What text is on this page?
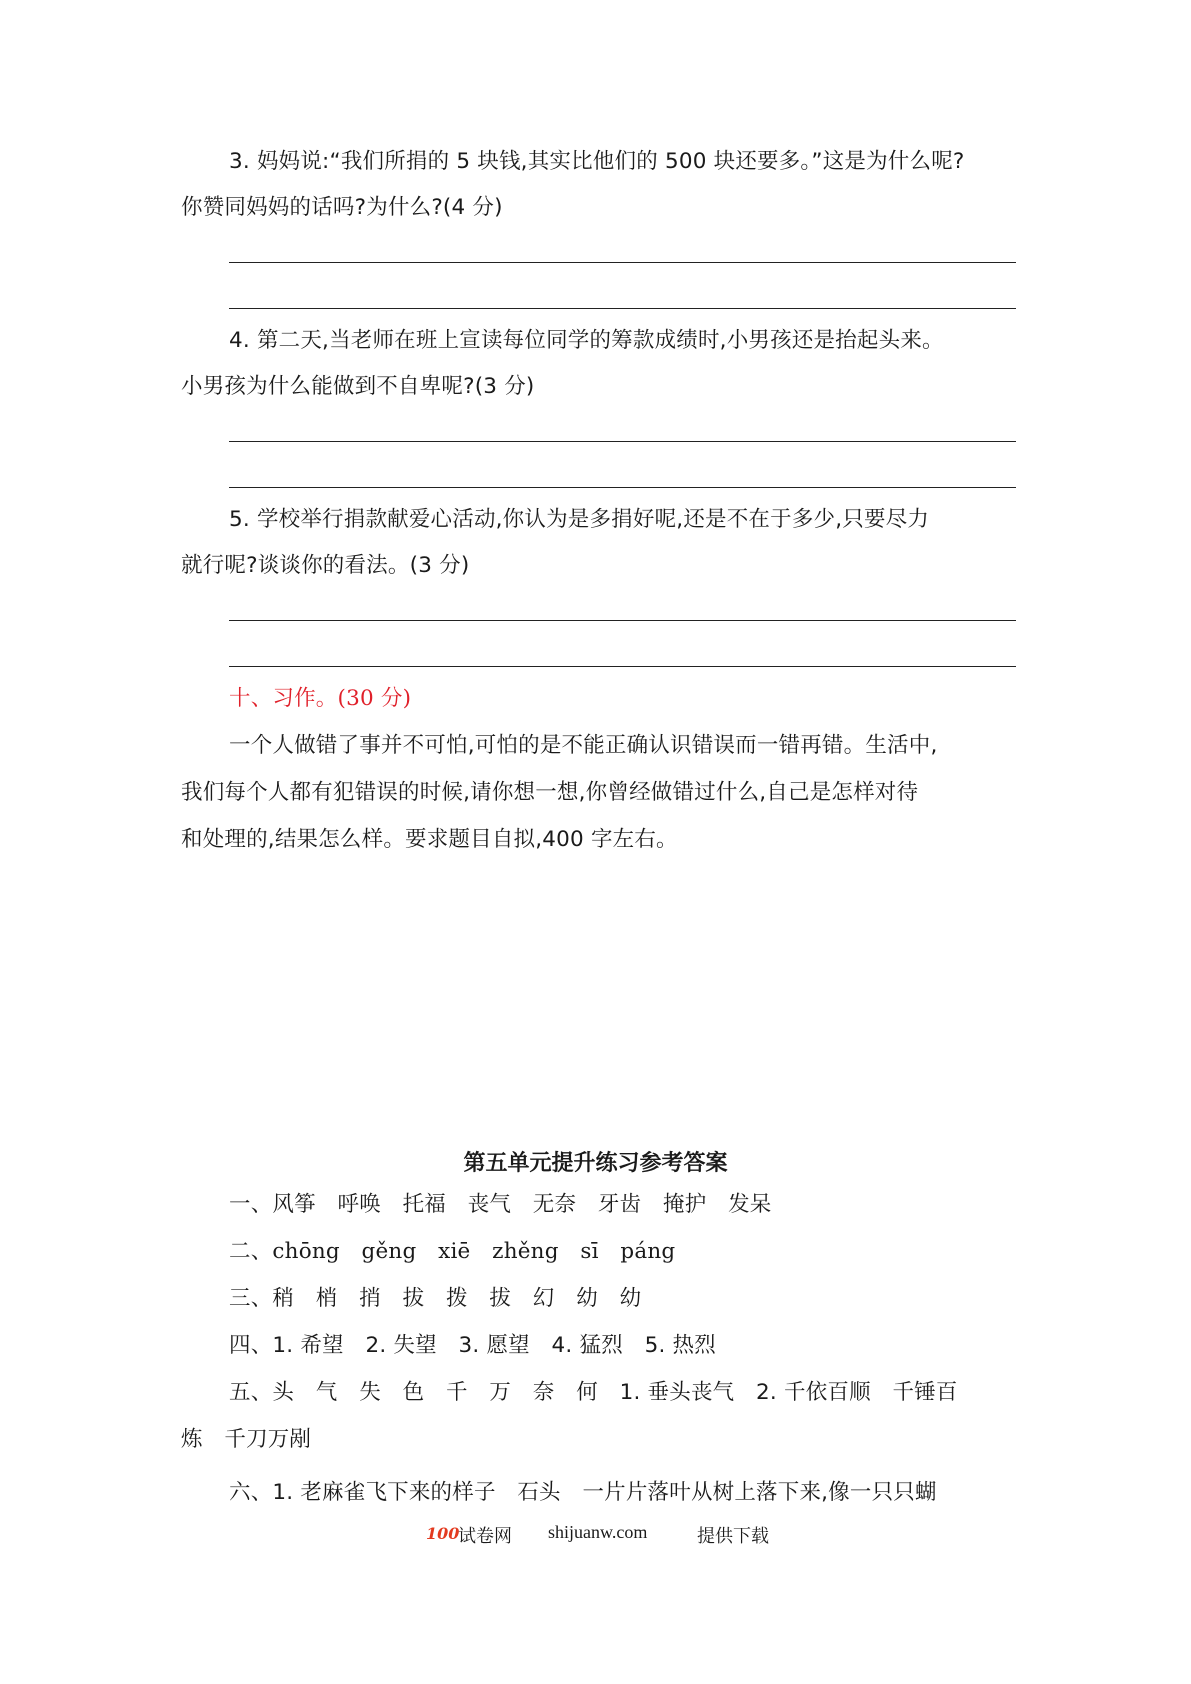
3. 妈妈说:“我们所捐的 5 块钱,其实比他们的 500 块还要多。”这是为什么呢?
你赞同妈妈的话吗?为什么?(4 分)
4. 第二天,当老师在班上宣读每位同学的筹款成绩时,小男孩还是抬起头来。
小男孩为什么能做到不自卑呢?(3 分)
5. 学校举行捐款献爱心活动,你认为是多捐好呢,还是不在于多少,只要尽力
就行呢?谈谈你的看法。(3 分)
十、习作。(30 分)
一个人做错了事并不可怕,可怕的是不能正确认识错误而一错再错。生活中,
我们每个人都有犯错误的时候,请你想一想,你曾经做错过什么,自己是怎样对待
和处理的,结果怎么样。要求题目自拟,400 字左右。
第五单元提升练习参考答案
一、风筝　呼唤　托福　丧气　无奈　牙齿　掩护　发呆
二、chōng　gěng　xiē　zhěng　sī　páng
三、稍　梢　捎　拔　拨　拔　幻　幼　幼
四、1. 希望　2. 失望　3. 愿望　4. 猛烈　5. 热烈
五、头　气　失　色　千　万　奈　何　1. 垂头丧气　2. 千依百顺　千锤百
炼　千刀万剐
六、1. 老麻雀飞下来的样子　石头　一片片落叶从树上落下来,像一只只蝴
100
试卷网 shijuanw.com	提供下载
